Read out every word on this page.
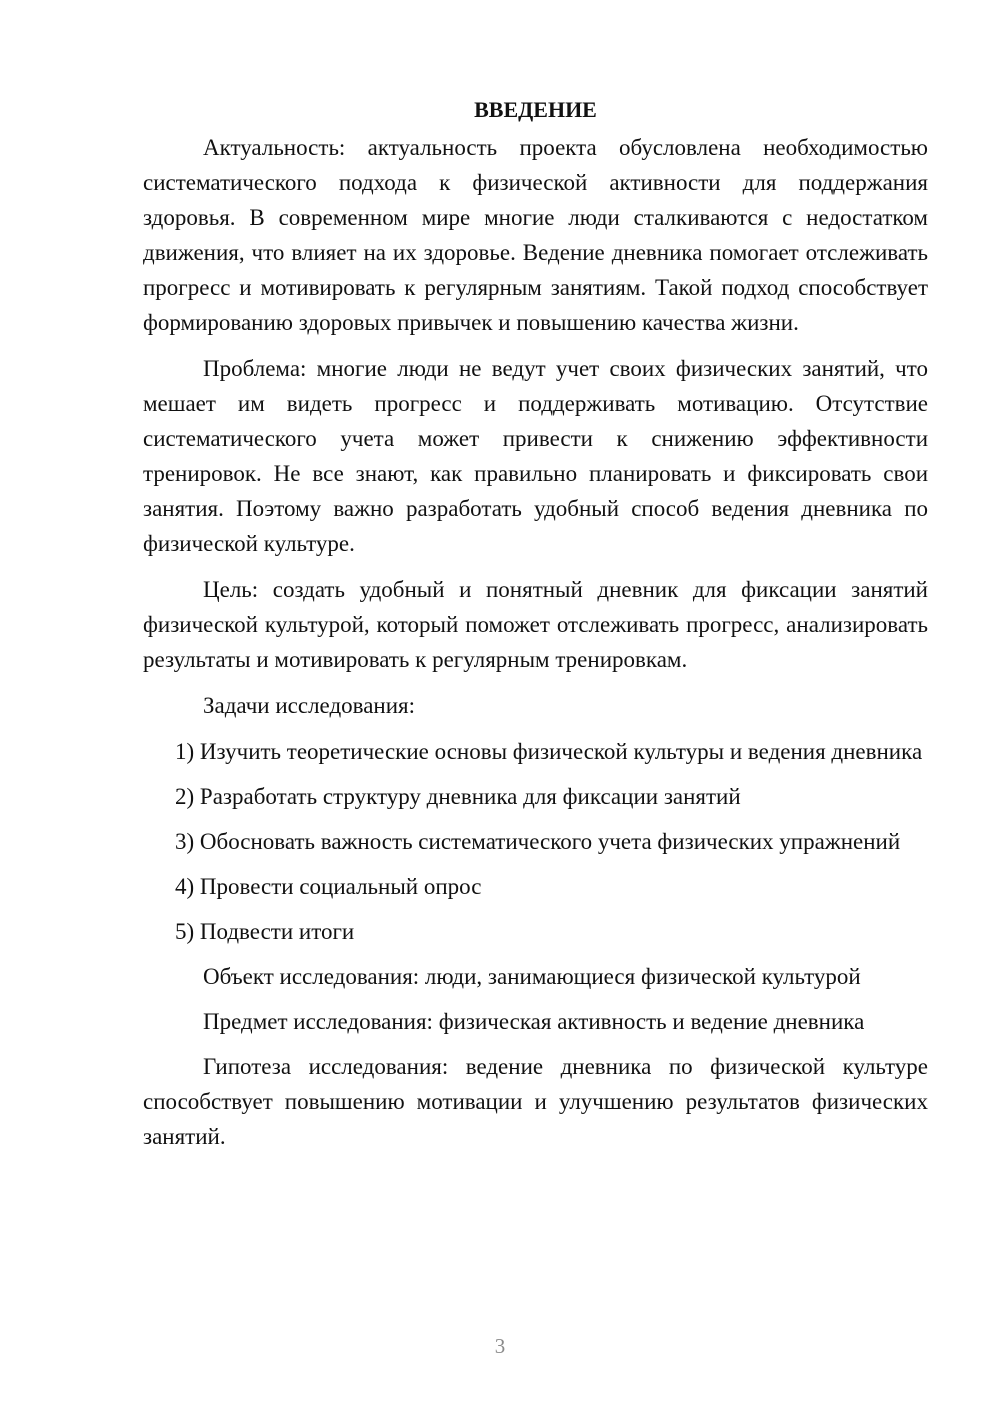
ВВЕДЕНИЕ

Актуальность: актуальность проекта обусловлена необходимостью систематического подхода к физической активности для поддержания здоровья. В современном мире многие люди сталкиваются с недостатком движения, что влияет на их здоровье. Ведение дневника помогает отслеживать прогресс и мотивировать к регулярным занятиям. Такой подход способствует формированию здоровых привычек и повышению качества жизни.

Проблема: многие люди не ведут учет своих физических занятий, что мешает им видеть прогресс и поддерживать мотивацию. Отсутствие систематического учета может привести к снижению эффективности тренировок. Не все знают, как правильно планировать и фиксировать свои занятия. Поэтому важно разработать удобный способ ведения дневника по физической культуре.

Цель: создать удобный и понятный дневник для фиксации занятий физической культурой, который поможет отслеживать прогресс, анализировать результаты и мотивировать к регулярным тренировкам.

Задачи исследования:

1) Изучить теоретические основы физической культуры и ведения дневника

2) Разработать структуру дневника для фиксации занятий

3) Обосновать важность систематического учета физических упражнений

4) Провести социальный опрос

5) Подвести итоги

Объект исследования: люди, занимающиеся физической культурой

Предмет исследования: физическая активность и ведение дневника

Гипотеза исследования: ведение дневника по физической культуре способствует повышению мотивации и улучшению результатов физических занятий.

3
